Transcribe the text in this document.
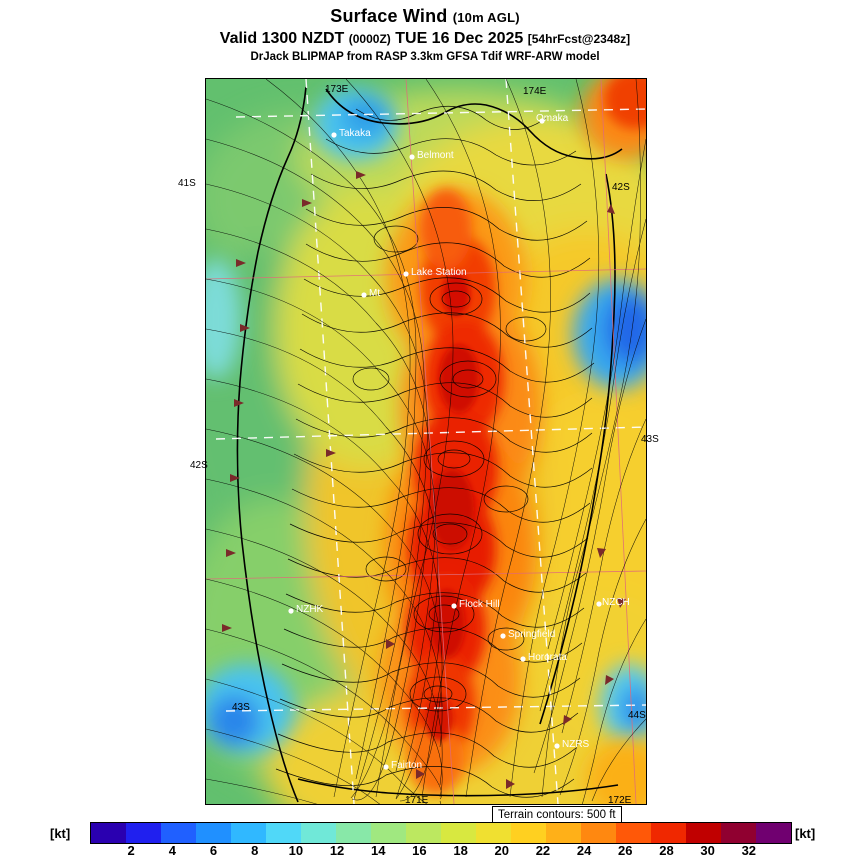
Surface Wind (10m AGL)
Valid 1300 NZDT (0000Z) TUE 16 Dec 2025 [54hrFcst@2348z]
DrJack BLIPMAP from RASP 3.3km GFSA Tdif WRF-ARW model
Takaka
Belmont
Lake Station
Mt
Omaka
NZHK	Flock Hill	NZCH
Springfield
Hororata
NZRS
Fairton
41S	42S
42S
43S
43S
44S
173E	174E
171E	172E
Terrain contours: 500 ft
[kt]
2	4	6	8 10 12 14 16 18 20 22 24 26 28 30 32
[kt]
